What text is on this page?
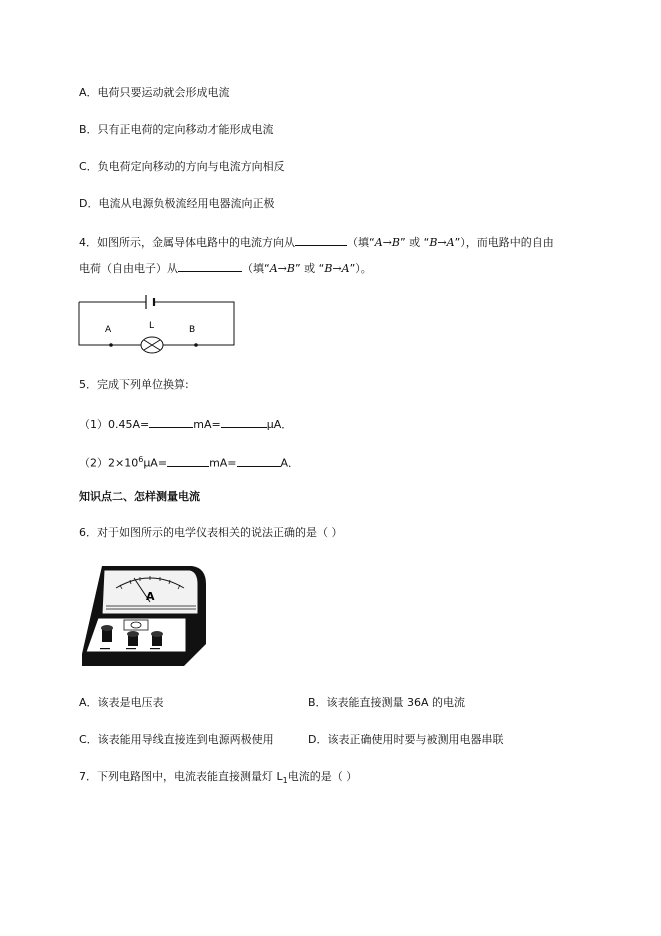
A．电荷只要运动就会形成电流
B．只有正电荷的定向移动才能形成电流
C．负电荷定向移动的方向与电流方向相反
D．电流从电源负极流经用电器流向正极
4．如图所示，金属导体电路中的电流方向从	（填“A→B” 或 “B→A”），而电路中的自由
电荷（自由电子）从	（填“A→B” 或 “B→A”）。
A	L	B
5．完成下列单位换算:
（1）0.45A=	mA=	μA．
$(2)2\times 10^6\mu A=$	mA=	A．
知识点二、怎样测量电流
6．对于如图所示的电学仪表相关的说法正确的是（ ）
A
A．该表是电压表	B．该表能直接测量 36A 的电流
C．该表能用导线直接连到电源两极使用	D．该表正确使用时要与被测用电器串联
7．下列电路图中，电流表能直接测量灯 $L_1$电流的是（ ）
